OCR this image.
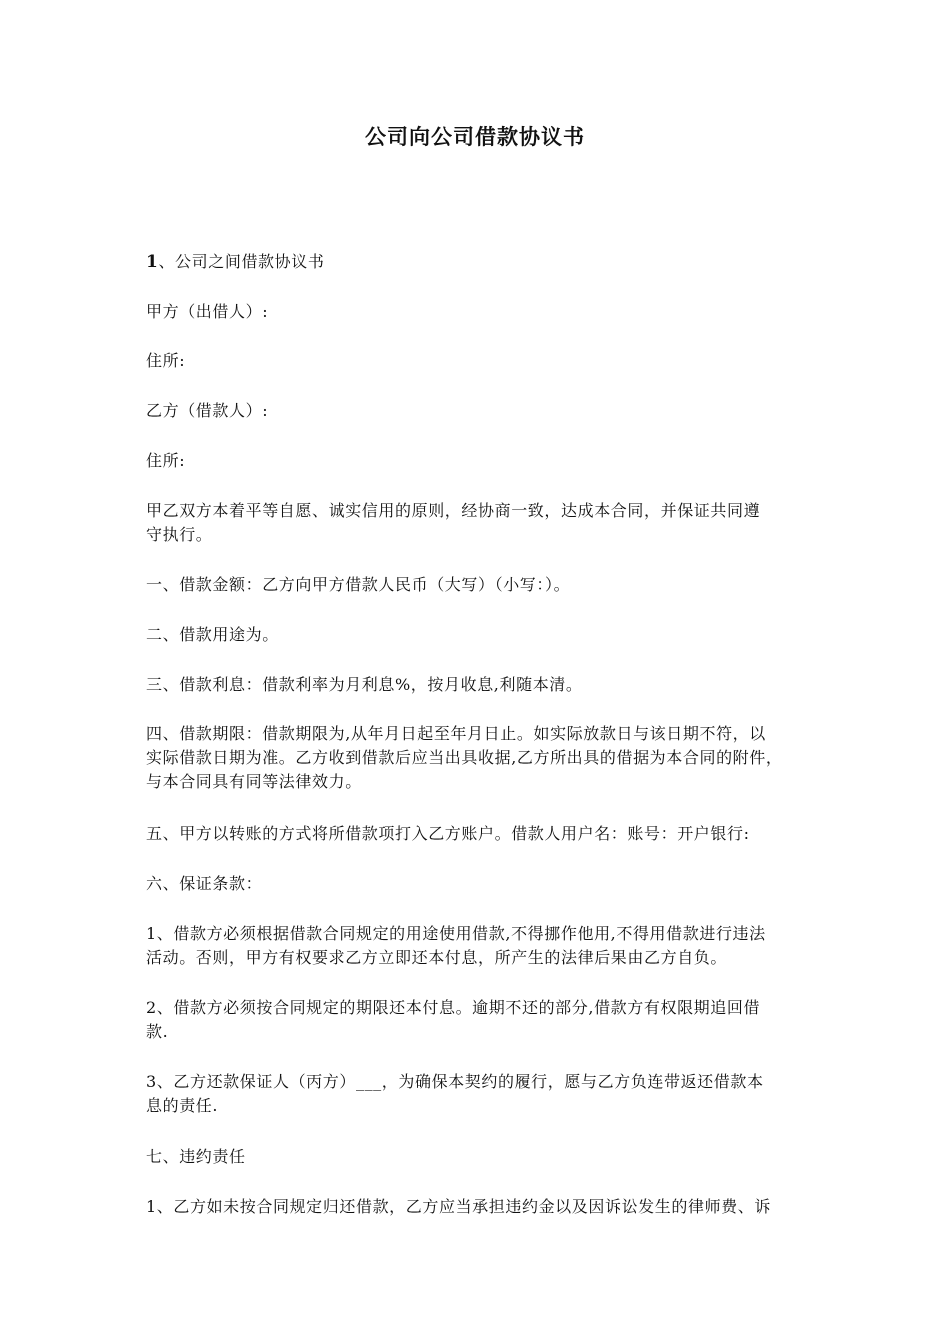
公司向公司借款协议书
1、公司之间借款协议书
甲方（出借人）:
住所:
乙方（借款人）:
住所:
甲乙双方本着平等自愿、诚实信用的原则，经协商一致，达成本合同，并保证共同遵
守执行。
一、借款金额：乙方向甲方借款人民币（大写）（小写：）。
二、借款用途为。
三、借款利息：借款利率为月利息%，按月收息,利随本清。
四、借款期限：借款期限为,从年月日起至年月日止。如实际放款日与该日期不符，以
实际借款日期为准。乙方收到借款后应当出具收据,乙方所出具的借据为本合同的附件，
与本合同具有同等法律效力。
五、甲方以转账的方式将所借款项打入乙方账户。借款人用户名：账号：开户银行:
六、保证条款：
1、借款方必须根据借款合同规定的用途使用借款,不得挪作他用,不得用借款进行违法
活动。否则，甲方有权要求乙方立即还本付息，所产生的法律后果由乙方自负。
2、借款方必须按合同规定的期限还本付息。逾期不还的部分,借款方有权限期追回借
款.
3、乙方还款保证人（丙方）___，为确保本契约的履行，愿与乙方负连带返还借款本
息的责任.
七、违约责任
1、乙方如未按合同规定归还借款，乙方应当承担违约金以及因诉讼发生的律师费、诉
